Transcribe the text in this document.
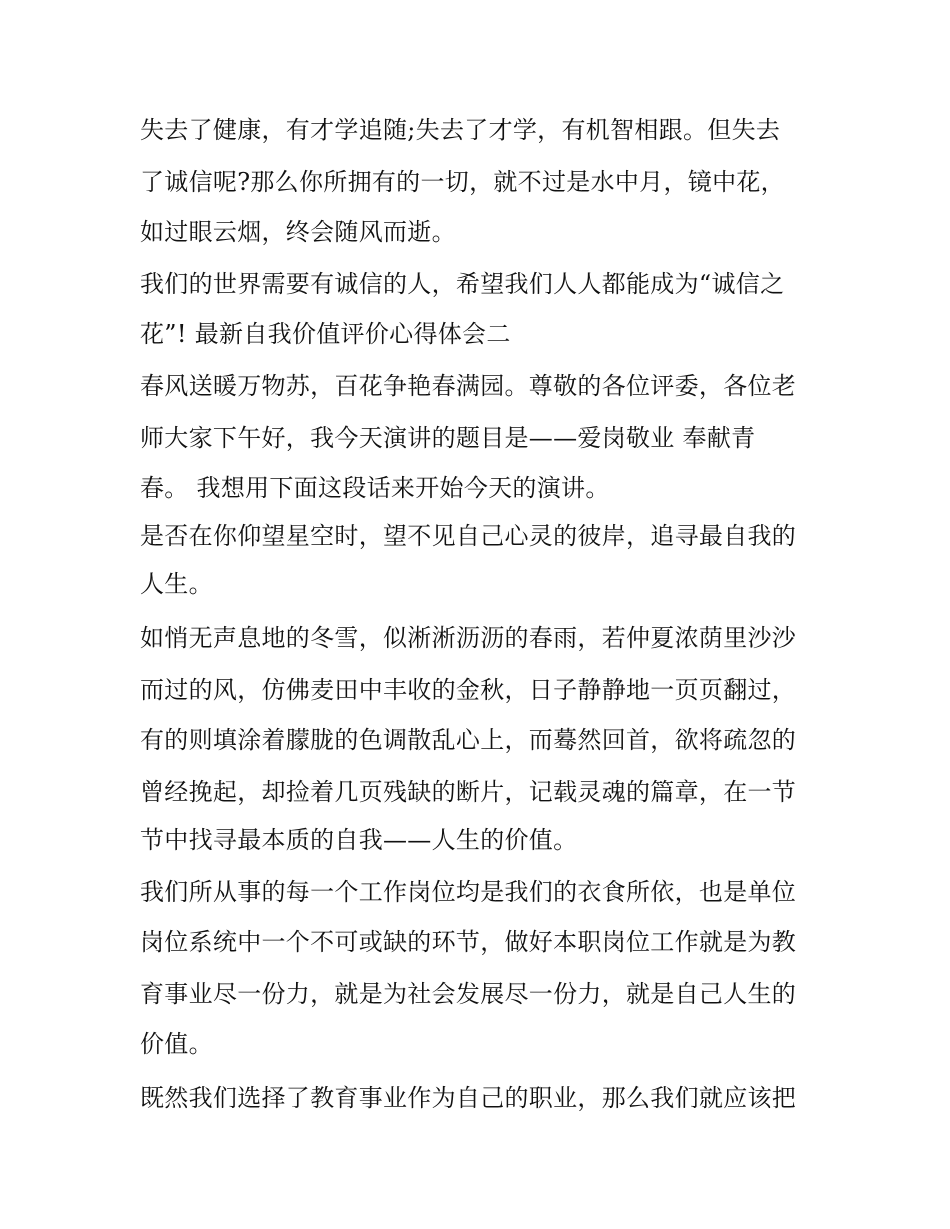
失去了健康，有才学追随;失去了才学，有机智相跟。但失去
了诚信呢?那么你所拥有的一切，就不过是水中月，镜中花，
如过眼云烟，终会随风而逝。
我们的世界需要有诚信的人，希望我们人人都能成为“诚信之
花”! 最新自我价值评价心得体会二
春风送暖万物苏，百花争艳春满园。尊敬的各位评委，各位老
师大家下午好，我今天演讲的题目是——爱岗敬业 奉献青
春。 我想用下面这段话来开始今天的演讲。
是否在你仰望星空时，望不见自己心灵的彼岸，追寻最自我的
人生。
如悄无声息地的冬雪，似淅淅沥沥的春雨，若仲夏浓荫里沙沙
而过的风，仿佛麦田中丰收的金秋，日子静静地一页页翻过，
有的则填涂着朦胧的色调散乱心上，而蓦然回首，欲将疏忽的
曾经挽起，却捡着几页残缺的断片，记载灵魂的篇章，在一节
节中找寻最本质的自我——人生的价值。
我们所从事的每一个工作岗位均是我们的衣食所依，也是单位
岗位系统中一个不可或缺的环节，做好本职岗位工作就是为教
育事业尽一份力，就是为社会发展尽一份力，就是自己人生的
价值。
既然我们选择了教育事业作为自己的职业，那么我们就应该把
